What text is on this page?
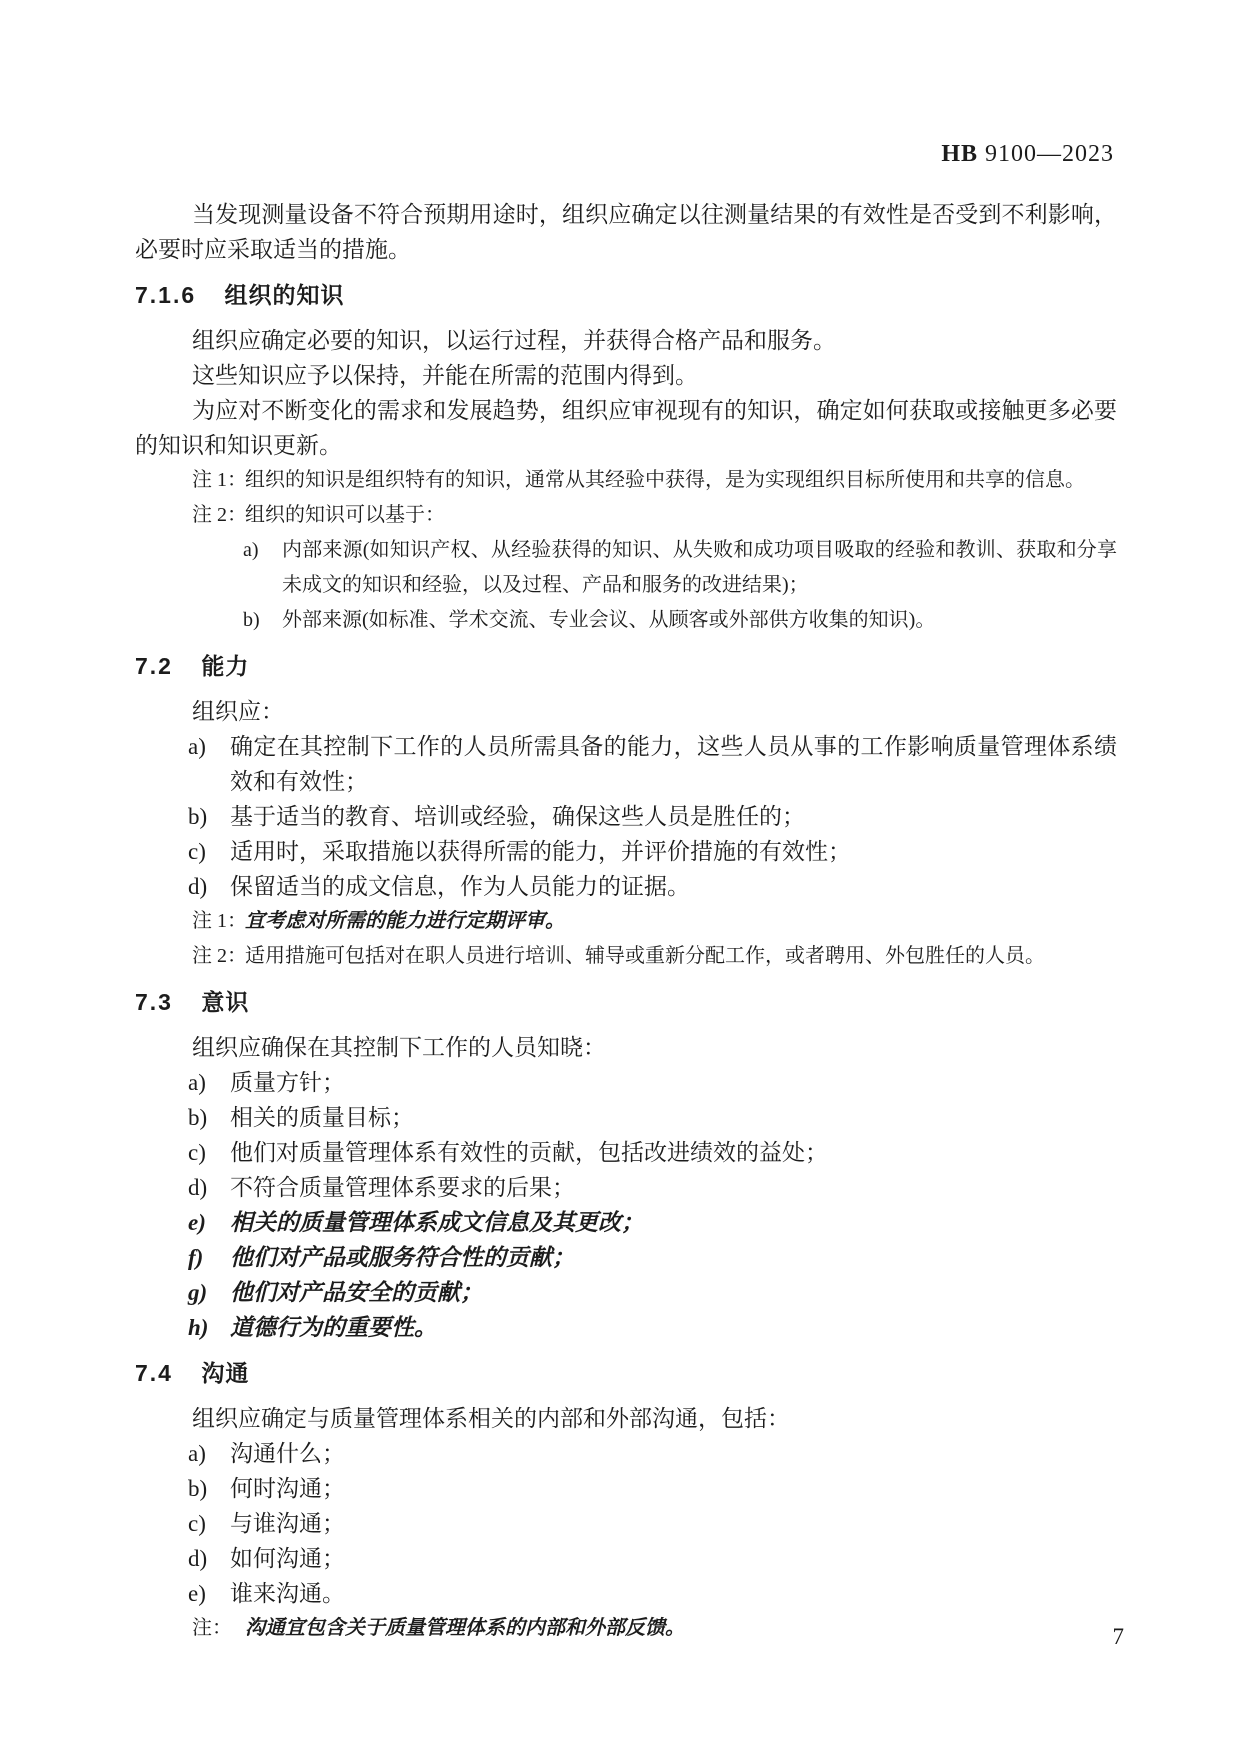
HB 9100—2023

当发现测量设备不符合预期用途时，组织应确定以往测量结果的有效性是否受到不利影响，必要时应采取适当的措施。

7.1.6 组织的知识

组织应确定必要的知识，以运行过程，并获得合格产品和服务。

这些知识应予以保持，并能在所需的范围内得到。

为应对不断变化的需求和发展趋势，组织应审视现有的知识，确定如何获取或接触更多必要的知识和知识更新。

注 1：
组织的知识是组织特有的知识，通常从其经验中获得，是为实现组织目标所使用和共享的信息。
注 2：
组织的知识可以基于：
a) 内部来源(如知识产权、从经验获得的知识、从失败和成功项目吸取的经验和教训、获取和分享未成文的知识和经验，以及过程、产品和服务的改进结果)；
b) 外部来源(如标准、学术交流、专业会议、从顾客或外部供方收集的知识)。
7.2 能力

组织应：

a) 确定在其控制下工作的人员所需具备的能力，这些人员从事的工作影响质量管理体系绩效和有效性；
b) 基于适当的教育、培训或经验，确保这些人员是胜任的；
c) 适用时，采取措施以获得所需的能力，并评价措施的有效性；
d) 保留适当的成文信息，作为人员能力的证据。
注 1：
宜考虑对所需的能力进行定期评审。
注 2：
适用措施可包括对在职人员进行培训、辅导或重新分配工作，或者聘用、外包胜任的人员。
7.3 意识

组织应确保在其控制下工作的人员知晓：

a) 质量方针；
b) 相关的质量目标；
c) 他们对质量管理体系有效性的贡献，包括改进绩效的益处；
d) 不符合质量管理体系要求的后果；
e) 相关的质量管理体系成文信息及其更改；
f) 他们对产品或服务符合性的贡献；
g) 他们对产品安全的贡献；
h) 道德行为的重要性。
7.4 沟通

组织应确定与质量管理体系相关的内部和外部沟通，包括：

a) 沟通什么；
b) 何时沟通；
c) 与谁沟通；
d) 如何沟通；
e) 谁来沟通。
注： 沟通宜包含关于质量管理体系的内部和外部反馈。	7
